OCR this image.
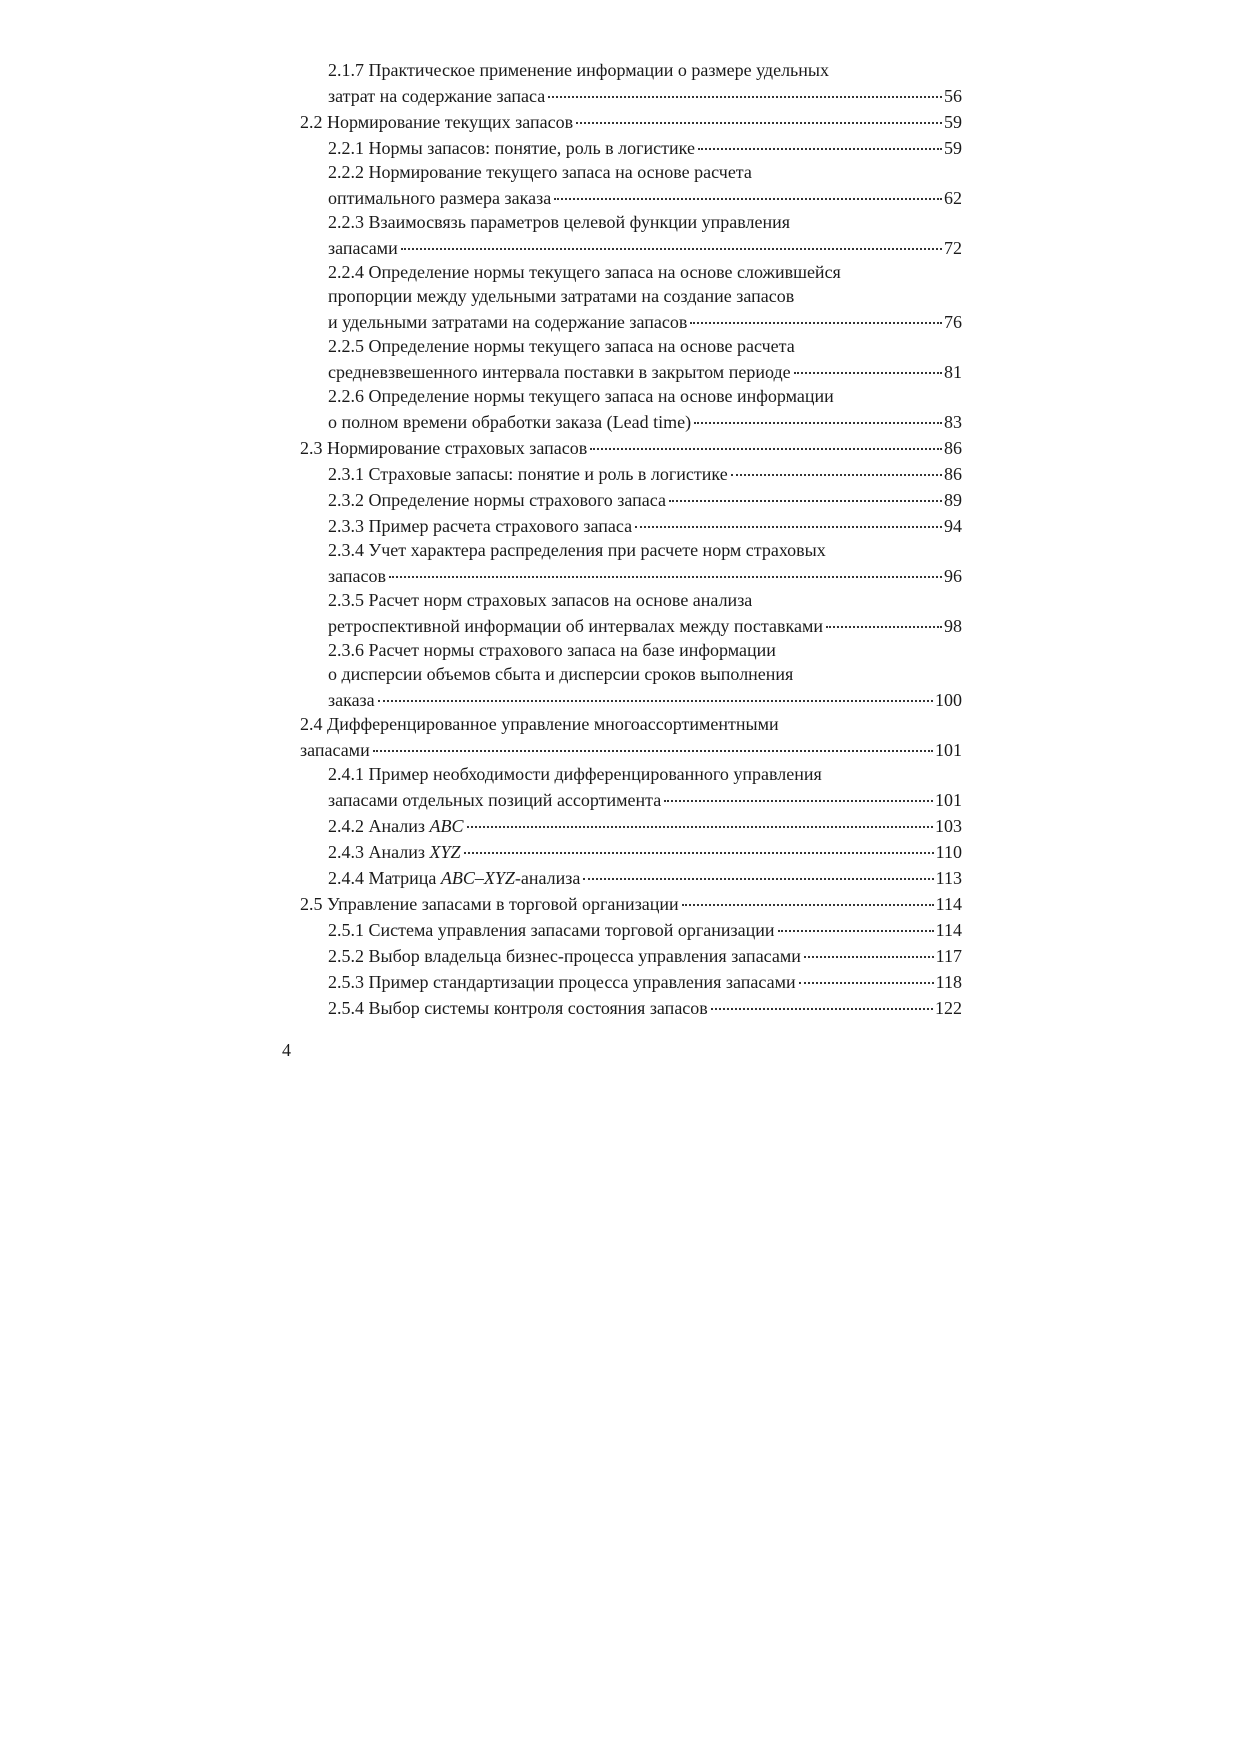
2.1.7 Практическое применение информации о размере удельных
затрат на содержание запаса	56
2.2 Нормирование текущих запасов	59
2.2.1 Нормы запасов: понятие, роль в логистике	59
2.2.2 Нормирование текущего запаса на основе расчета
оптимального размера заказа	62
2.2.3 Взаимосвязь параметров целевой функции управления
запасами	72
2.2.4 Определение нормы текущего запаса на основе сложившейся
пропорции между удельными затратами на создание запасов
и удельными затратами на содержание запасов	76
2.2.5 Определение нормы текущего запаса на основе расчета
средневзвешенного интервала поставки в закрытом периоде	81
2.2.6 Определение нормы текущего запаса на основе информации
о полном времени обработки заказа (Lead time)	83
2.3 Нормирование страховых запасов	86
2.3.1 Страховые запасы: понятие и роль в логистике	86
2.3.2 Определение нормы страхового запаса	89
2.3.3 Пример расчета страхового запаса	94
2.3.4 Учет характера распределения при расчете норм страховых
запасов	96
2.3.5 Расчет норм страховых запасов на основе анализа
ретроспективной информации об интервалах между поставками	98
2.3.6 Расчет нормы страхового запаса на базе информации
о дисперсии объемов сбыта и дисперсии сроков выполнения
заказа	100
2.4 Дифференцированное управление многоассортиментными
запасами	101
2.4.1 Пример необходимости дифференцированного управления
запасами отдельных позиций ассортимента	101
2.4.2 Анализ ABC	103
2.4.3 Анализ XYZ	110
2.4.4 Матрица ABC–XYZ-анализа	113
2.5 Управление запасами в торговой организации	114
2.5.1 Система управления запасами торговой организации	114
2.5.2 Выбор владельца бизнес-процесса управления запасами	117
2.5.3 Пример стандартизации процесса управления запасами	118
2.5.4 Выбор системы контроля состояния запасов	122
4
